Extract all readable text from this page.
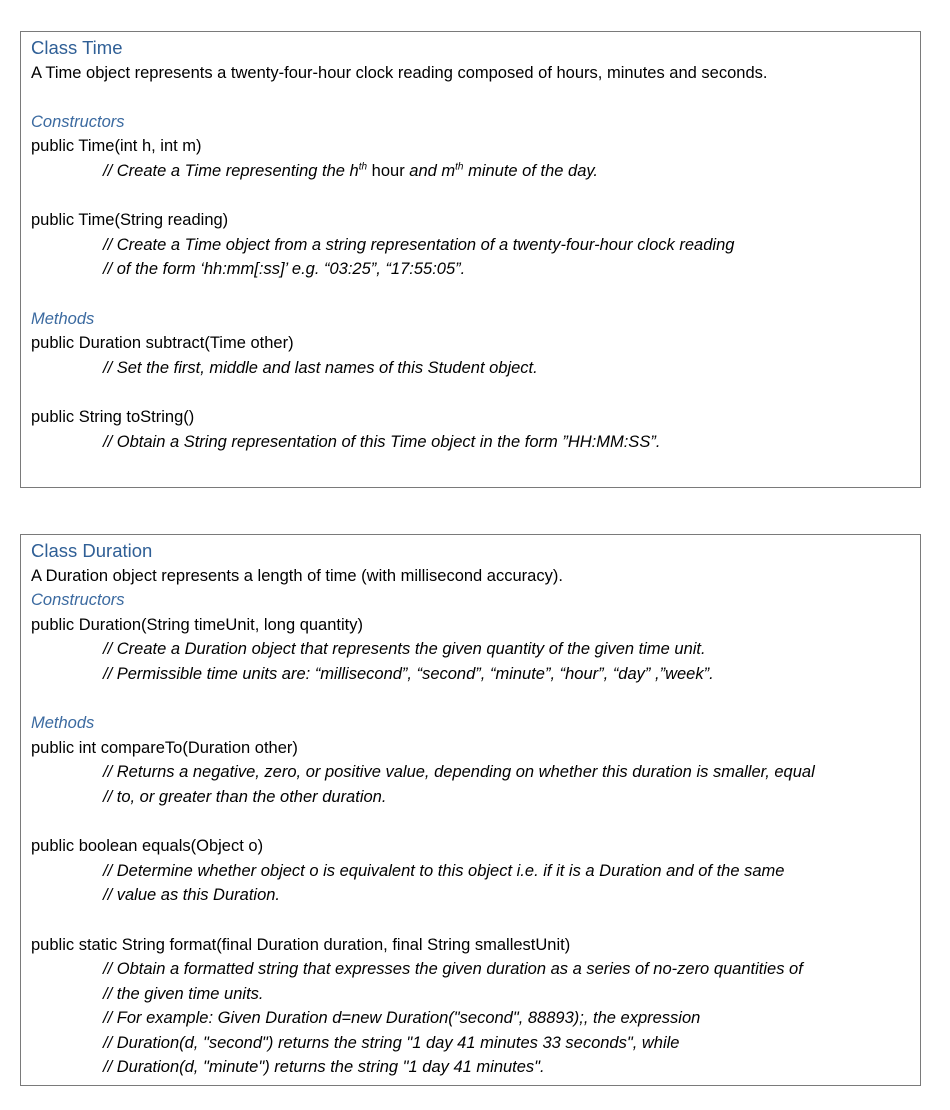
Class Time
A Time object represents a twenty-four-hour clock reading composed of hours, minutes and seconds.
Constructors
public Time(int h, int m)
// Create a Time representing the $h^{th}$ hour and $m^{th}$ minute of the day.
public Time(String reading)
// Create a Time object from a string representation of a twenty-four-hour clock reading
// of the form ‘hh:mm[:ss]’ e.g. “03:25”, “17:55:05”.
Methods
public Duration subtract(Time other)
// Set the first, middle and last names of this Student object.
public String toString()
// Obtain a String representation of this Time object in the form ”HH:MM:SS”.
Class Duration
A Duration object represents a length of time (with millisecond accuracy).
Constructors
public Duration(String timeUnit, long quantity)
// Create a Duration object that represents the given quantity of the given time unit.
// Permissible time units are: “millisecond”, “second”, “minute”, “hour”, “day” ,”week”.
Methods
public int compareTo(Duration other)
// Returns a negative, zero, or positive value, depending on whether this duration is smaller, equal
// to, or greater than the other duration.
public boolean equals(Object o)
// Determine whether object o is equivalent to this object i.e. if it is a Duration and of the same
// value as this Duration.
public static String format(final Duration duration, final String smallestUnit)
// Obtain a formatted string that expresses the given duration as a series of no-zero quantities of
// the given time units.
// For example: Given Duration d=new Duration("second", 88893);, the expression
// Duration(d, "second") returns the string "1 day 41 minutes 33 seconds", while
// Duration(d, "minute") returns the string "1 day 41 minutes".
